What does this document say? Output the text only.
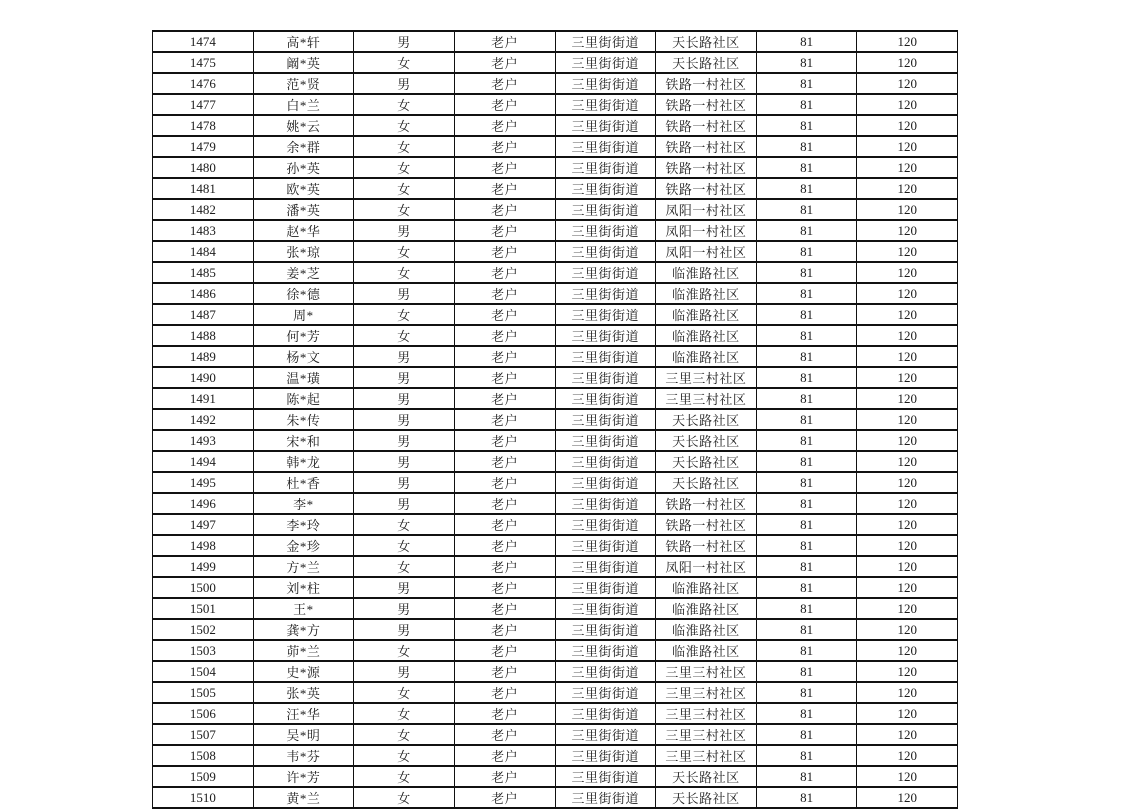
1474	高*轩	男	老户	三里街街道	天长路社区	81	120
1475	阚*英	女	老户	三里街街道	天长路社区	81	120
1476	范*贤	男	老户	三里街街道	铁路一村社区	81	120
1477	白*兰	女	老户	三里街街道	铁路一村社区	81	120
1478	姚*云	女	老户	三里街街道	铁路一村社区	81	120
1479	余*群	女	老户	三里街街道	铁路一村社区	81	120
1480	孙*英	女	老户	三里街街道	铁路一村社区	81	120
1481	欧*英	女	老户	三里街街道	铁路一村社区	81	120
1482	潘*英	女	老户	三里街街道	凤阳一村社区	81	120
1483	赵*华	男	老户	三里街街道	凤阳一村社区	81	120
1484	张*琼	女	老户	三里街街道	凤阳一村社区	81	120
1485	姜*芝	女	老户	三里街街道	临淮路社区	81	120
1486	徐*德	男	老户	三里街街道	临淮路社区	81	120
1487	周*	女	老户	三里街街道	临淮路社区	81	120
1488	何*芳	女	老户	三里街街道	临淮路社区	81	120
1489	杨*文	男	老户	三里街街道	临淮路社区	81	120
1490	温*璜	男	老户	三里街街道	三里三村社区	81	120
1491	陈*起	男	老户	三里街街道	三里三村社区	81	120
1492	朱*传	男	老户	三里街街道	天长路社区	81	120
1493	宋*和	男	老户	三里街街道	天长路社区	81	120
1494	韩*龙	男	老户	三里街街道	天长路社区	81	120
1495	杜*香	男	老户	三里街街道	天长路社区	81	120
1496	李*	男	老户	三里街街道	铁路一村社区	81	120
1497	李*玲	女	老户	三里街街道	铁路一村社区	81	120
1498	金*珍	女	老户	三里街街道	铁路一村社区	81	120
1499	方*兰	女	老户	三里街街道	凤阳一村社区	81	120
1500	刘*柱	男	老户	三里街街道	临淮路社区	81	120
1501	王*	男	老户	三里街街道	临淮路社区	81	120
1502	龚*方	男	老户	三里街街道	临淮路社区	81	120
1503	茆*兰	女	老户	三里街街道	临淮路社区	81	120
1504	史*源	男	老户	三里街街道	三里三村社区	81	120
1505	张*英	女	老户	三里街街道	三里三村社区	81	120
1506	汪*华	女	老户	三里街街道	三里三村社区	81	120
1507	吴*明	女	老户	三里街街道	三里三村社区	81	120
1508	韦*芬	女	老户	三里街街道	三里三村社区	81	120
1509	许*芳	女	老户	三里街街道	天长路社区	81	120
1510	黄*兰	女	老户	三里街街道	天长路社区	81	120
